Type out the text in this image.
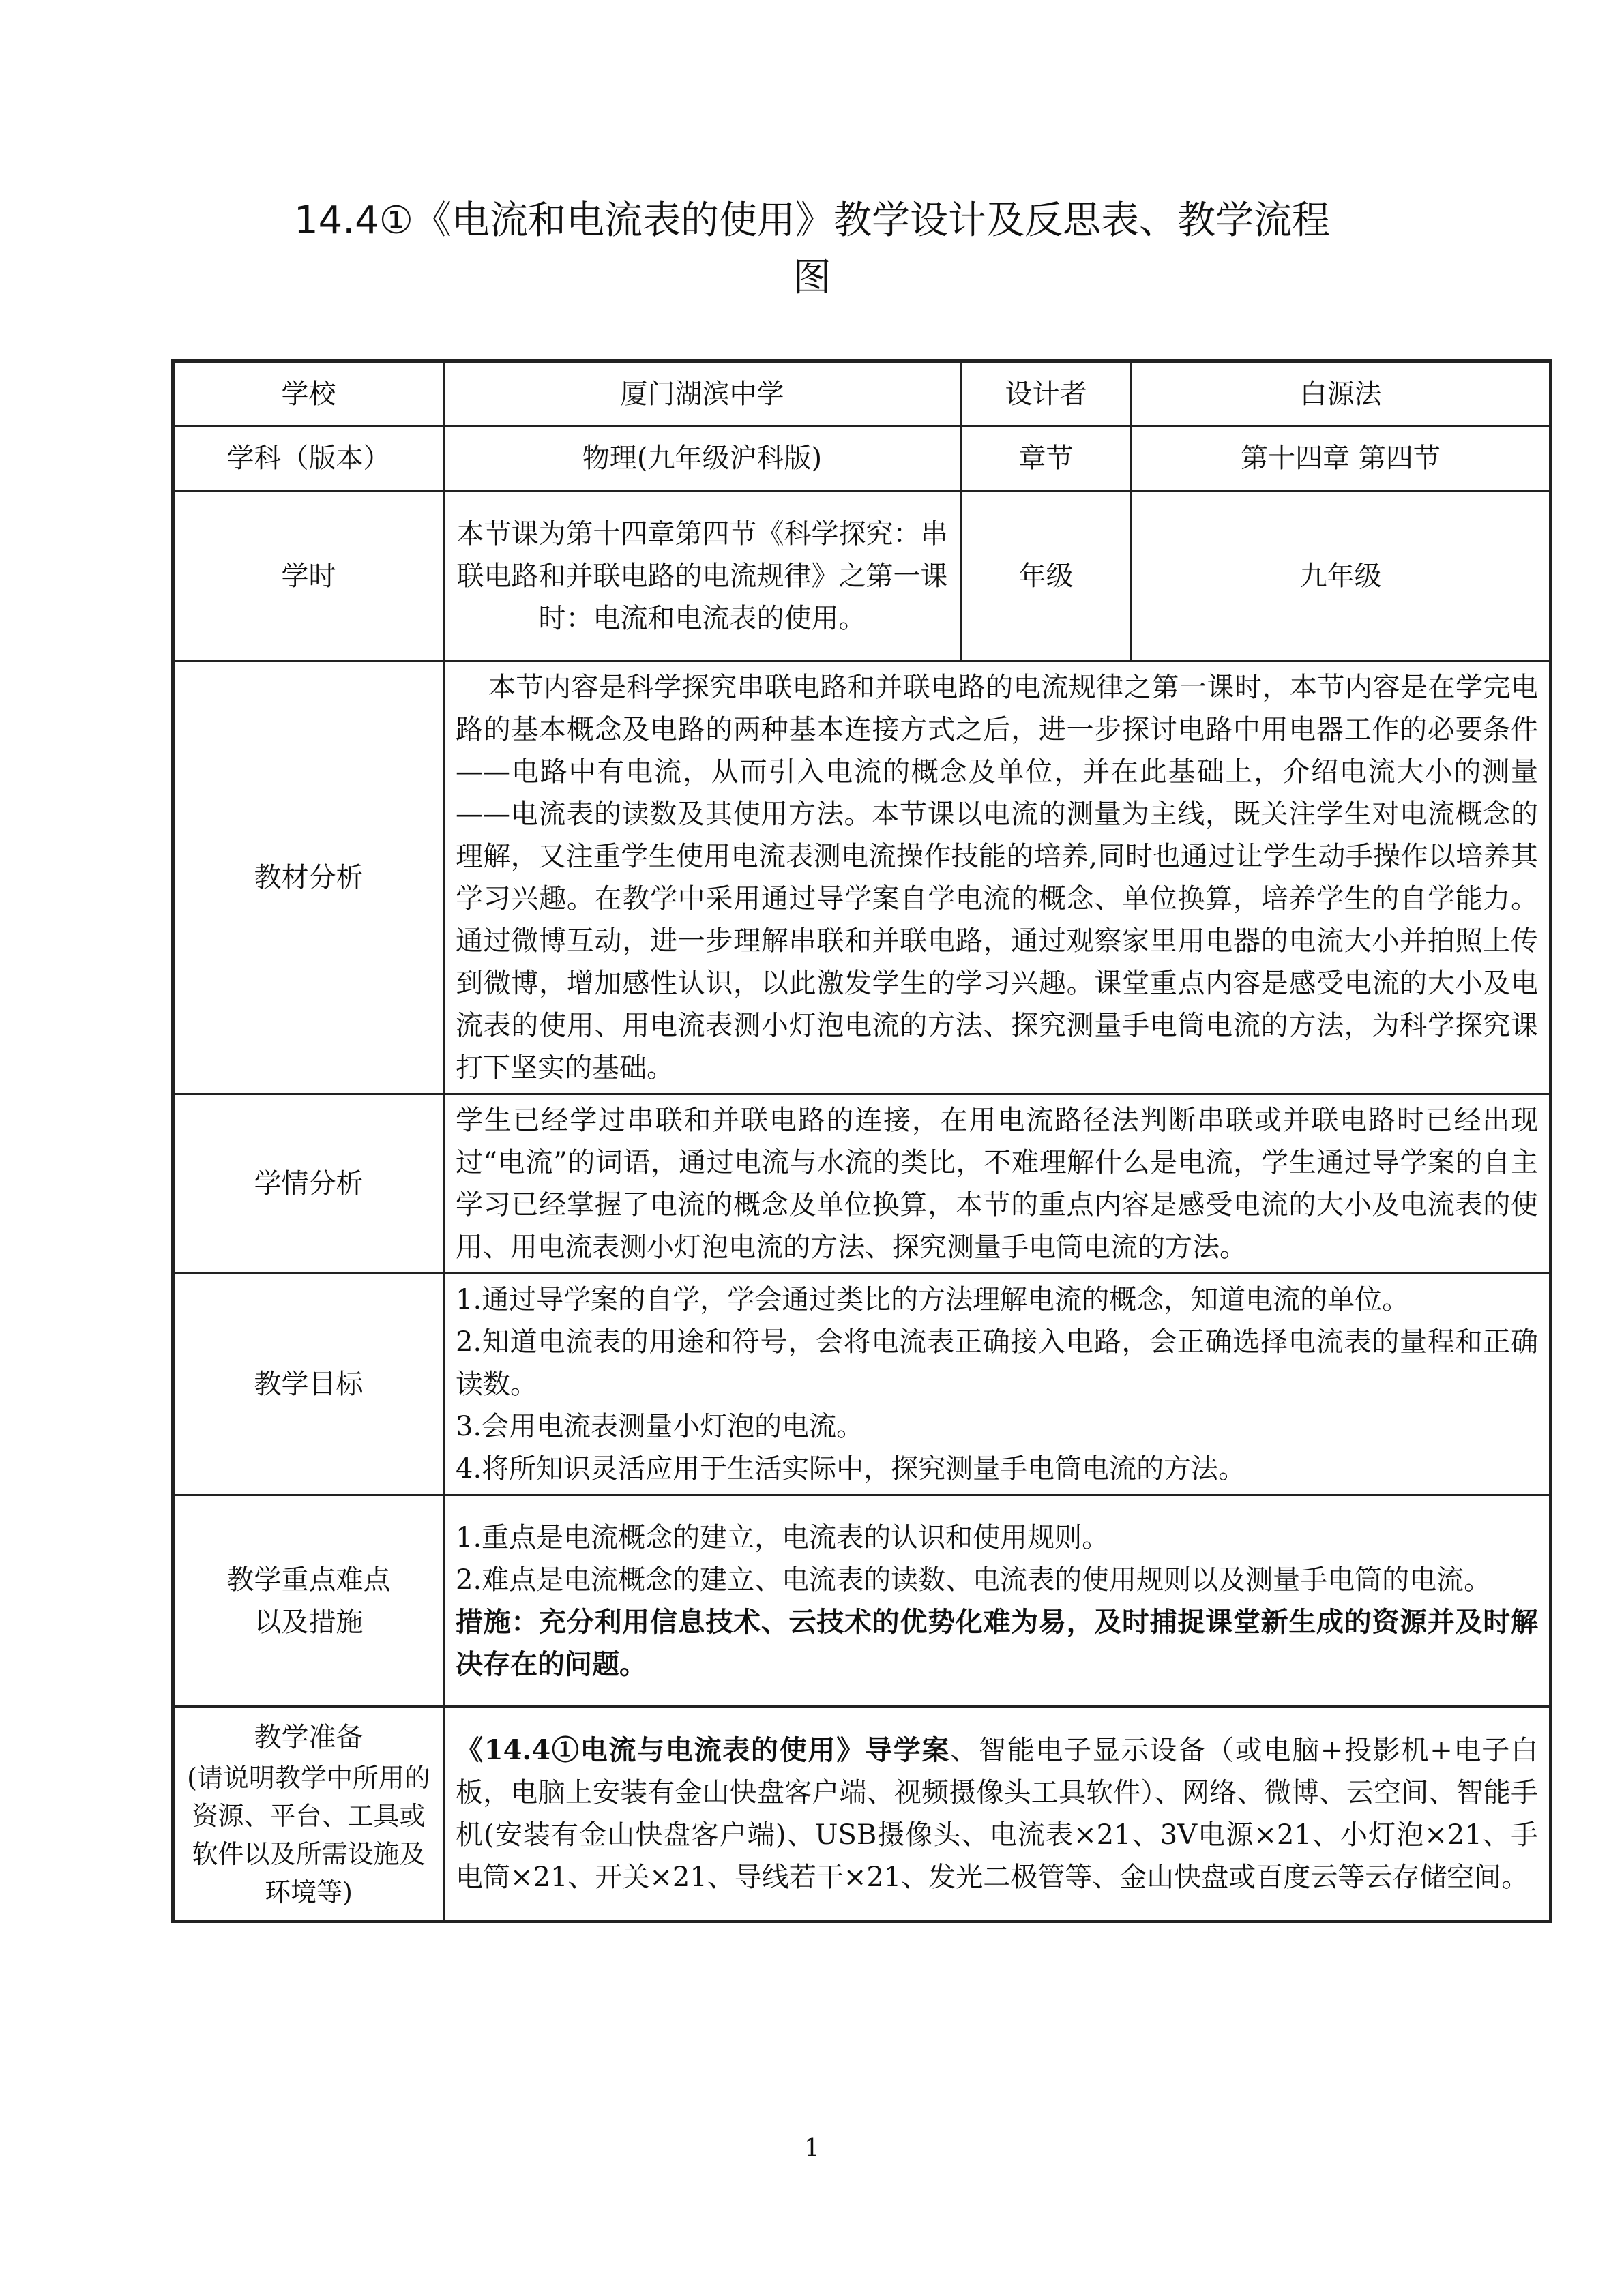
14.4①《电流和电流表的使用》教学设计及反思表、教学流程
图
学校	厦门湖滨中学	设计者	白源法
学科（版本）	物理(九年级沪科版)	章节	第十四章 第四节
学时	本节课为第十四章第四节《科学探究：串联电路和并联电路的电流规律》之第一课时：电流和电流表的使用。	年级	九年级
教材分析	本节内容是科学探究串联电路和并联电路的电流规律之第一课时，本节内容是在学完电路的基本概念及电路的两种基本连接方式之后，进一步探讨电路中用电器工作的必要条件——电路中有电流，从而引入电流的概念及单位，并在此基础上，介绍电流大小的测量——电流表的读数及其使用方法。本节课以电流的测量为主线，既关注学生对电流概念的理解，又注重学生使用电流表测电流操作技能的培养,同时也通过让学生动手操作以培养其学习兴趣。在教学中采用通过导学案自学电流的概念、单位换算，培养学生的自学能力。通过微博互动，进一步理解串联和并联电路，通过观察家里用电器的电流大小并拍照上传到微博，增加感性认识，以此激发学生的学习兴趣。课堂重点内容是感受电流的大小及电流表的使用、用电流表测小灯泡电流的方法、探究测量手电筒电流的方法，为科学探究课打下坚实的基础。		

学情分析	学生已经学过串联和并联电路的连接，在用电流路径法判断串联或并联电路时已经出现过“电流”的词语，通过电流与水流的类比，不难理解什么是电流，学生通过导学案的自主学习已经掌握了电流的概念及单位换算，本节的重点内容是感受电流的大小及电流表的使用、用电流表测小灯泡电流的方法、探究测量手电筒电流的方法。		

教学目标	1.通过导学案的自学，学会通过类比的方法理解电流的概念，知道电流的单位。
2.知道电流表的用途和符号，会将电流表正确接入电路，会正确选择电流表的量程和正确读数。
3.会用电流表测量小灯泡的电流。
4.将所知识灵活应用于生活实际中，探究测量手电筒电流的方法。		

教学重点难点
以及措施	1.重点是电流概念的建立，电流表的认识和使用规则。
2.难点是电流概念的建立、电流表的读数、电流表的使用规则以及测量手电筒的电流。
措施：充分利用信息技术、云技术的优势化难为易，及时捕捉课堂新生成的资源并及时解决存在的问题。		

教学准备
(请说明教学中所用的资源、平台、工具或软件以及所需设施及环境等)	《14.4①电流与电流表的使用》导学案、智能电子显示设备（或电脑+投影机+电子白板，电脑上安装有金山快盘客户端、视频摄像头工具软件）、网络、微博、云空间、智能手机(安装有金山快盘客户端)、USB摄像头、电流表×21、3V电源×21、小灯泡×21、手电筒×21、开关×21、导线若干×21、发光二极管等、金山快盘或百度云等云存储空间。		
1
